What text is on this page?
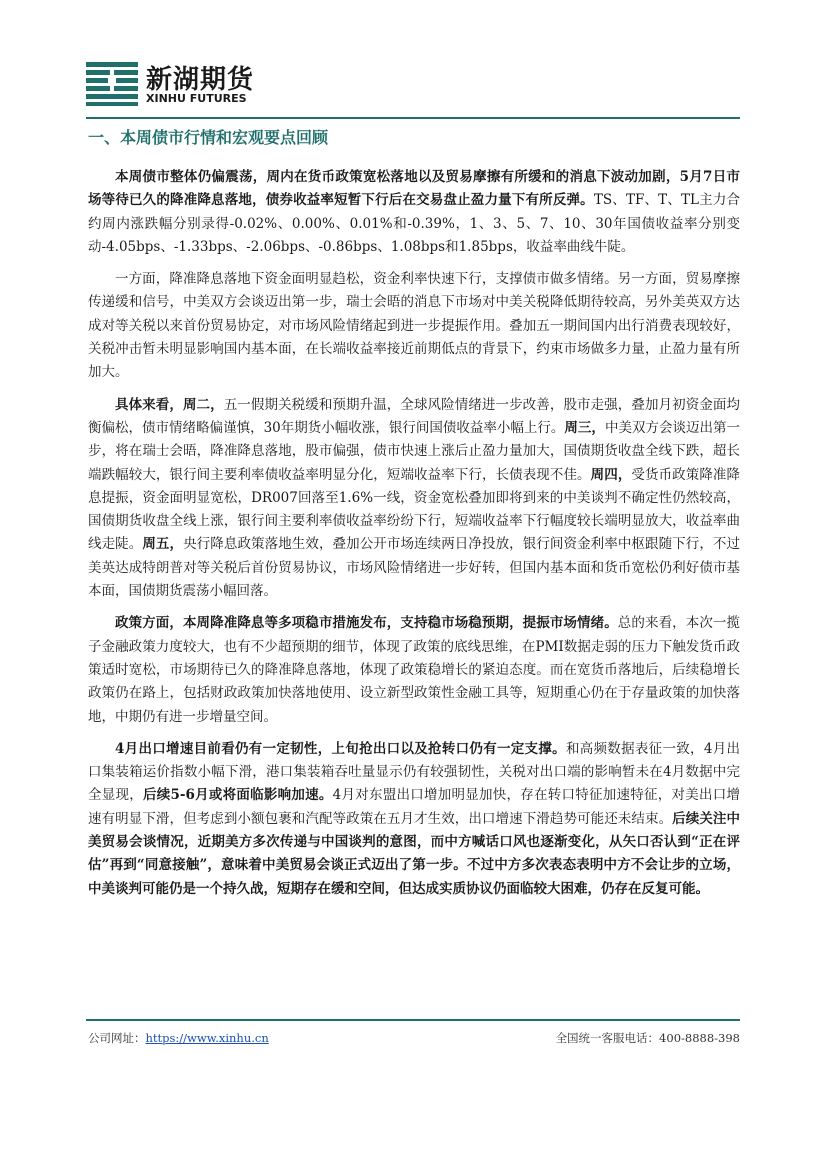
新湖期货
XINHU FUTURES
一、本周债市行情和宏观要点回顾

本周债市整体仍偏震荡，周内在货币政策宽松落地以及贸易摩擦有所缓和的消息下波动加剧，5月7日市场等待已久的降准降息落地，债券收益率短暂下行后在交易盘止盈力量下有所反弹。TS、TF、T、TL主力合约周内涨跌幅分别录得-0.02%、0.00%、0.01%和-0.39%，1、3、5、7、10、30年国债收益率分别变动-4.05bps、-1.33bps、-2.06bps、-0.86bps、1.08bps和1.85bps，收益率曲线牛陡。

一方面，降准降息落地下资金面明显趋松，资金利率快速下行，支撑债市做多情绪。另一方面，贸易摩擦传递缓和信号，中美双方会谈迈出第一步，瑞士会晤的消息下市场对中美关税降低期待较高，另外美英双方达成对等关税以来首份贸易协定，对市场风险情绪起到进一步提振作用。叠加五一期间国内出行消费表现较好，关税冲击暂未明显影响国内基本面，在长端收益率接近前期低点的背景下，约束市场做多力量，止盈力量有所加大。

具体来看，周二，五一假期关税缓和预期升温，全球风险情绪进一步改善，股市走强，叠加月初资金面均衡偏松，债市情绪略偏谨慎，30年期货小幅收涨，银行间国债收益率小幅上行。周三，中美双方会谈迈出第一步，将在瑞士会晤，降准降息落地，股市偏强，债市快速上涨后止盈力量加大，国债期货收盘全线下跌，超长端跌幅较大，银行间主要利率债收益率明显分化，短端收益率下行，长债表现不佳。周四，受货币政策降准降息提振，资金面明显宽松，DR007回落至1.6%一线，资金宽松叠加即将到来的中美谈判不确定性仍然较高，国债期货收盘全线上涨，银行间主要利率债收益率纷纷下行，短端收益率下行幅度较长端明显放大，收益率曲线走陡。周五，央行降息政策落地生效，叠加公开市场连续两日净投放，银行间资金利率中枢跟随下行，不过美英达成特朗普对等关税后首份贸易协议，市场风险情绪进一步好转，但国内基本面和货币宽松仍利好债市基本面，国债期货震荡小幅回落。

政策方面，本周降准降息等多项稳市措施发布，支持稳市场稳预期，提振市场情绪。总的来看，本次一揽子金融政策力度较大，也有不少超预期的细节，体现了政策的底线思维，在PMI数据走弱的压力下触发货币政策适时宽松，市场期待已久的降准降息落地，体现了政策稳增长的紧迫态度。而在宽货币落地后，后续稳增长政策仍在路上，包括财政政策加快落地使用、设立新型政策性金融工具等，短期重心仍在于存量政策的加快落地，中期仍有进一步增量空间。

4月出口增速目前看仍有一定韧性，上旬抢出口以及抢转口仍有一定支撑。和高频数据表征一致，4月出口集装箱运价指数小幅下滑，港口集装箱吞吐量显示仍有较强韧性，关税对出口端的影响暂未在4月数据中完全显现，后续5-6月或将面临影响加速。4月对东盟出口增加明显加快，存在转口特征加速特征，对美出口增速有明显下滑，但考虑到小额包裹和汽配等政策在五月才生效，出口增速下滑趋势可能还未结束。后续关注中美贸易会谈情况，近期美方多次传递与中国谈判的意图，而中方喊话口风也逐渐变化，从矢口否认到“正在评估”再到“同意接触”，意味着中美贸易会谈正式迈出了第一步。不过中方多次表态表明中方不会让步的立场，中美谈判可能仍是一个持久战，短期存在缓和空间，但达成实质协议仍面临较大困难，仍存在反复可能。

公司网址：https://www.xinhu.cn	全国统一客服电话：400-8888-398
